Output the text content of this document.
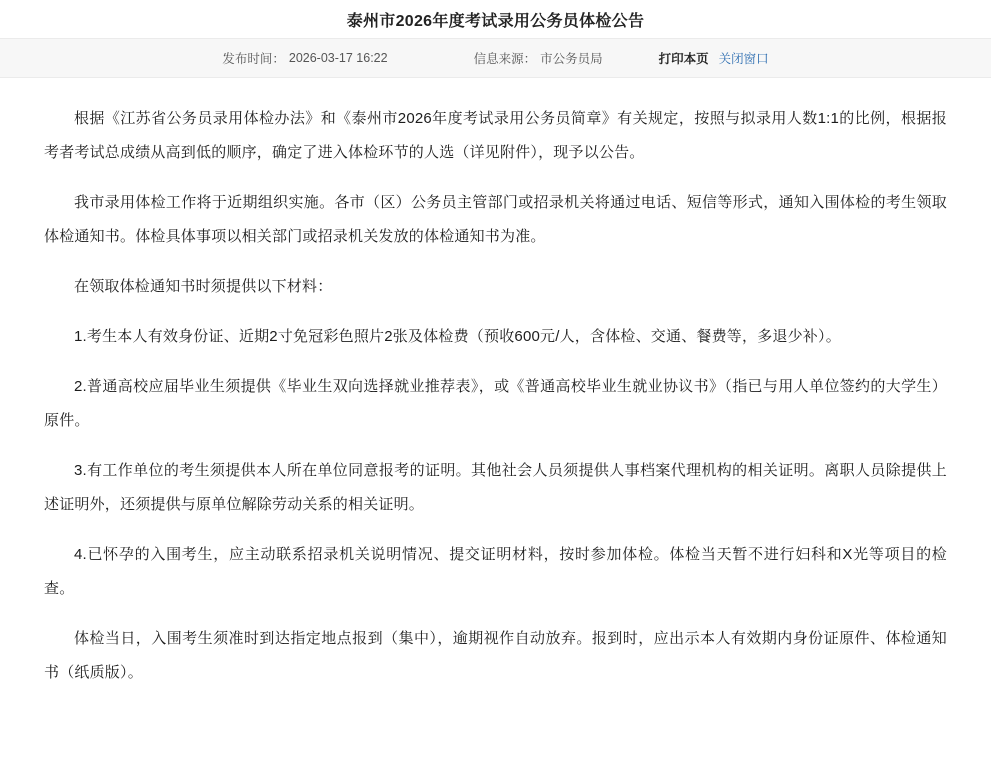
泰州市2026年度考试录用公务员体检公告
发布时间： 2026-03-17 16:22	信息来源： 市公务员局	打印本页 关闭窗口

根据《江苏省公务员录用体检办法》和《泰州市2026年度考试录用公务员简章》有关规定，按照与拟录用人数1:1的比例，根据报考者考试总成绩从高到低的顺序，确定了进入体检环节的人选（详见附件），现予以公告。

我市录用体检工作将于近期组织实施。各市（区）公务员主管部门或招录机关将通过电话、短信等形式，通知入围体检的考生领取体检通知书。体检具体事项以相关部门或招录机关发放的体检通知书为准。

在领取体检通知书时须提供以下材料：

1.考生本人有效身份证、近期2寸免冠彩色照片2张及体检费（预收600元/人，含体检、交通、餐费等，多退少补）。

2.普通高校应届毕业生须提供《毕业生双向选择就业推荐表》，或《普通高校毕业生就业协议书》（指已与用人单位签约的大学生）原件。

3.有工作单位的考生须提供本人所在单位同意报考的证明。其他社会人员须提供人事档案代理机构的相关证明。离职人员除提供上述证明外，还须提供与原单位解除劳动关系的相关证明。

4.已怀孕的入围考生，应主动联系招录机关说明情况、提交证明材料，按时参加体检。体检当天暂不进行妇科和X光等项目的检查。

体检当日，入围考生须准时到达指定地点报到（集中），逾期视作自动放弃。报到时，应出示本人有效期内身份证原件、体检通知书（纸质版）。
